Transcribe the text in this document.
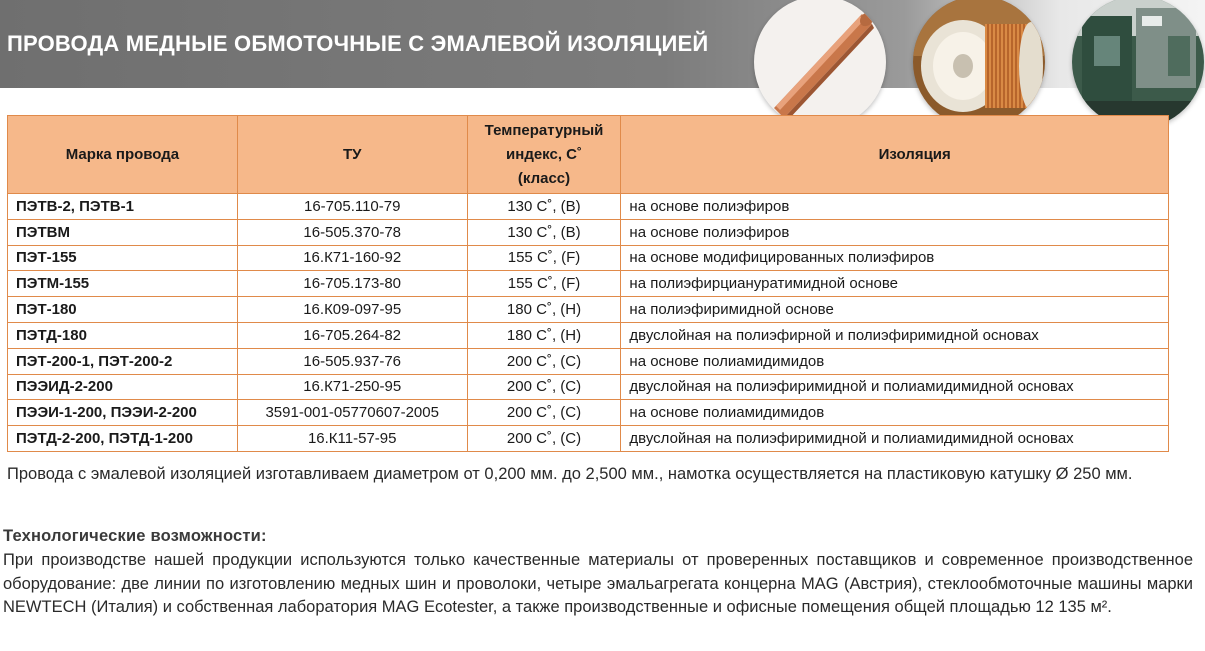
ПРОВОДА МЕДНЫЕ ОБМОТОЧНЫЕ С ЭМАЛЕВОЙ ИЗОЛЯЦИЕЙ
Марка провода	ТУ	Температурный
индекс, С˚
(класс)	Изоляция
ПЭТВ-2, ПЭТВ-1	16-705.110-79	130 С˚, (B)	на основе полиэфиров
ПЭТВМ	16-505.370-78	130 С˚, (B)	на основе полиэфиров
ПЭТ-155	16.К71-160-92	155 С˚, (F)	на основе модифицированных полиэфиров
ПЭТМ-155	16-705.173-80	155 С˚, (F)	на полиэфирциануратимидной основе
ПЭТ-180	16.К09-097-95	180 С˚, (H)	на полиэфиримидной основе
ПЭТД-180	16-705.264-82	180 С˚, (H)	двуслойная на полиэфирной и полиэфиримидной основах
ПЭТ-200-1, ПЭТ-200-2	16-505.937-76	200 С˚, (С)	на основе полиамидимидов
ПЭЭИД-2-200	16.К71-250-95	200 С˚, (С)	двуслойная на полиэфиримидной и полиамидимидной основах
ПЭЭИ-1-200, ПЭЭИ-2-200	3591-001-05770607-2005	200 С˚, (С)	на основе полиамидимидов
ПЭТД-2-200, ПЭТД-1-200	16.К11-57-95	200 С˚, (С)	двуслойная на полиэфиримидной и полиамидимидной основах

Провода с эмалевой изоляцией изготавливаем диаметром от 0,200 мм. до 2,500 мм., намотка осуществляется на пластиковую катушку Ø 250 мм.

Технологические возможности:

При производстве нашей продукции используются только качественные материалы от проверенных поставщиков и современное производственное оборудование: две линии по изготовлению медных шин и проволоки, четыре эмальагрегата концерна MAG (Австрия), стеклообмоточные машины марки NEWTECH (Италия) и собственная лаборатория MAG Ecotester, а также производственные и офисные помещения общей площадью 12 135 м².
